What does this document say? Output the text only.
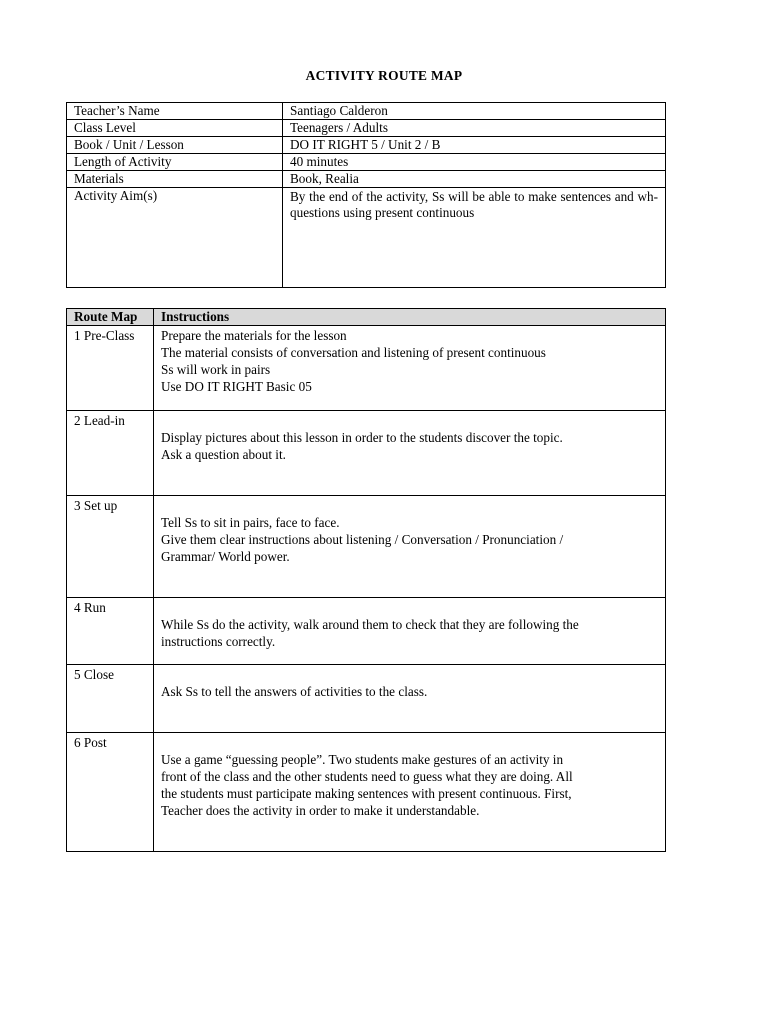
ACTIVITY ROUTE MAP
Teacher’s Name	Santiago Calderon
Class Level	Teenagers / Adults
Book / Unit / Lesson	DO IT RIGHT 5 / Unit 2 / B
Length of Activity	40 minutes
Materials	Book, Realia
Activity Aim(s)	By the end of the activity, Ss will be able to make sentences and wh-questions using present continuous
Route Map	Instructions
1 Pre-Class	Prepare the materials for the lesson
The material consists of conversation and listening of present continuous
Ss will work in pairs
Use DO IT RIGHT Basic 05

2 Lead-in	Display pictures about this lesson in order to the students discover the topic.
Ask a question about it.

3 Set up	Tell Ss to sit in pairs, face to face.
Give them clear instructions about listening / Conversation / Pronunciation /
Grammar/ World power.

4 Run	While Ss do the activity, walk around them to check that they are following the
instructions correctly.

5 Close	Ask Ss to tell the answers of activities to the class.

6 Post	Use a game “guessing people”. Two students make gestures of an activity in
front of the class and the other students need to guess what they are doing. All
the students must participate making sentences with present continuous. First,
Teacher does the activity in order to make it understandable.
